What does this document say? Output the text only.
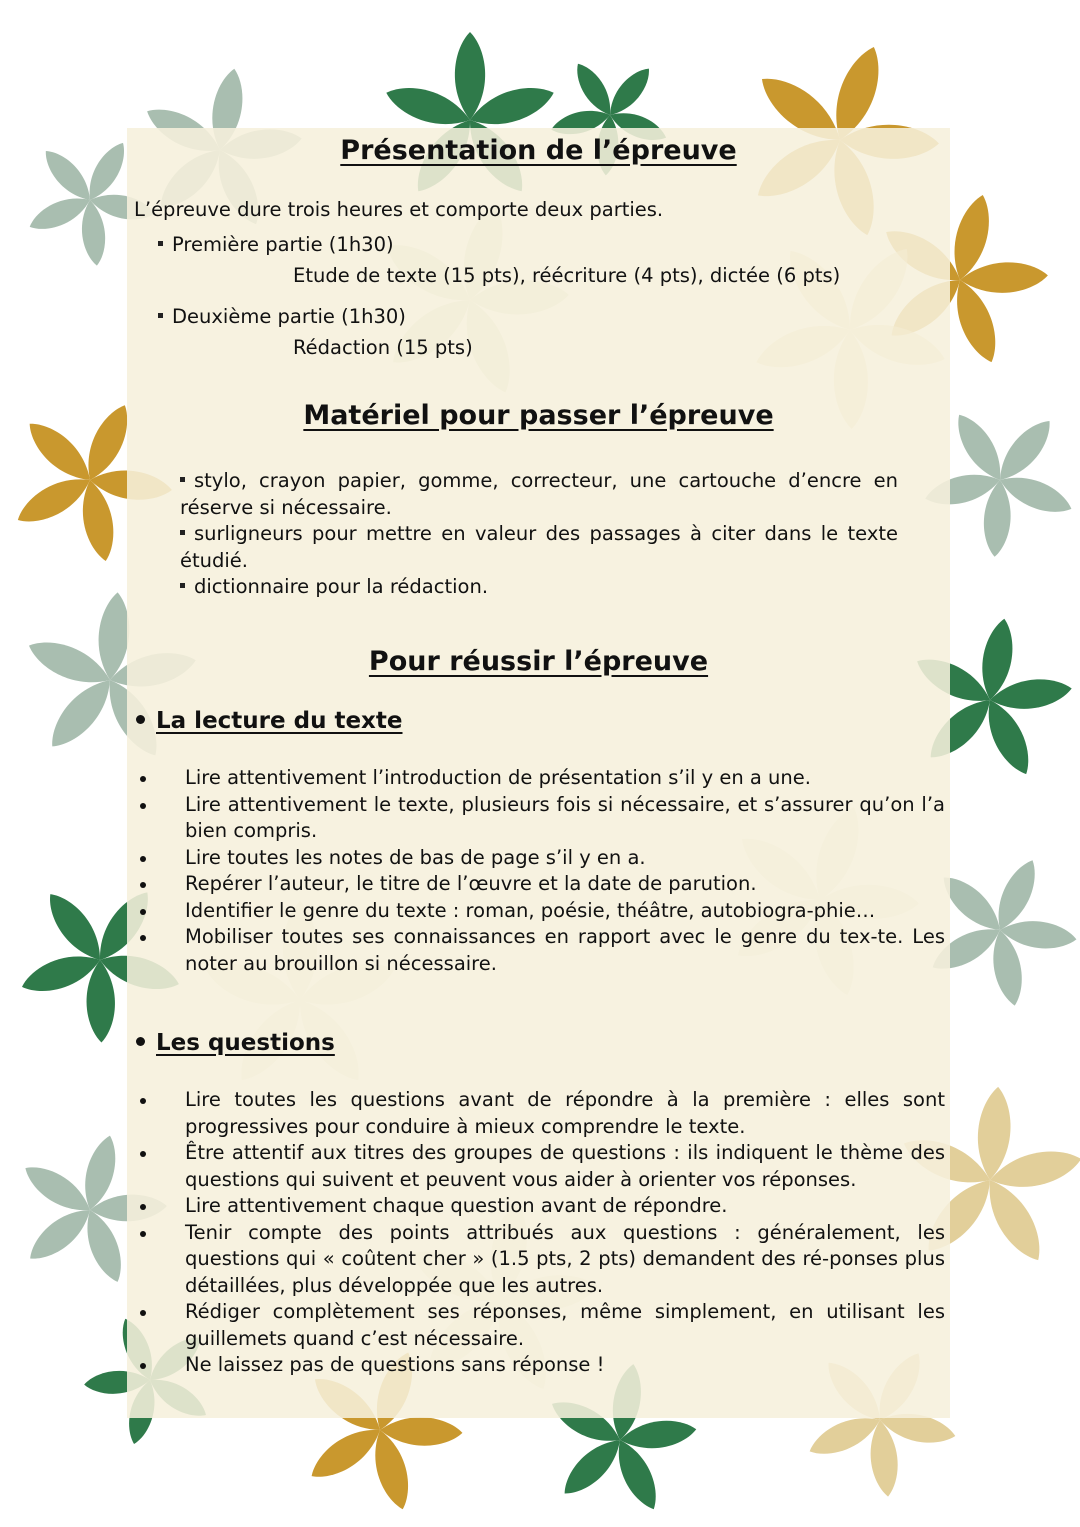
Présentation de l’épreuve
L’épreuve dure trois heures et comporte deux parties.
Première partie (1h30)
Etude de texte (15 pts), réécriture (4 pts), dictée (6 pts)
Deuxième partie (1h30)
Rédaction (15 pts)
Matériel pour passer l’épreuve
stylo, crayon papier, gomme, correcteur, une cartouche d’encre en réserve si nécessaire.
surligneurs pour mettre en valeur des passages à citer dans le texte étudié.
dictionnaire pour la rédaction.
Pour réussir l’épreuve
La lecture du texte
Lire attentivement l’introduction de présentation s’il y en a une.
Lire attentivement le texte, plusieurs fois si nécessaire, et s’assurer qu’on l’a bien compris.
Lire toutes les notes de bas de page s’il y en a.
Repérer l’auteur, le titre de l’œuvre et la date de parution.
Identifier le genre du texte : roman, poésie, théâtre, autobiogra-phie…
Mobiliser toutes ses connaissances en rapport avec le genre du tex-te. Les noter au brouillon si nécessaire.
Les questions
Lire toutes les questions avant de répondre à la première : elles sont progressives pour conduire à mieux comprendre le texte.
Être attentif aux titres des groupes de questions : ils indiquent le thème des questions qui suivent et peuvent vous aider à orienter vos réponses.
Lire attentivement chaque question avant de répondre.
Tenir compte des points attribués aux questions : généralement, les questions qui « coûtent cher » (1.5 pts, 2 pts) demandent des ré-ponses plus détaillées, plus développée que les autres.
Rédiger complètement ses réponses, même simplement, en utilisant les guillemets quand c’est nécessaire.
Ne laissez pas de questions sans réponse !
